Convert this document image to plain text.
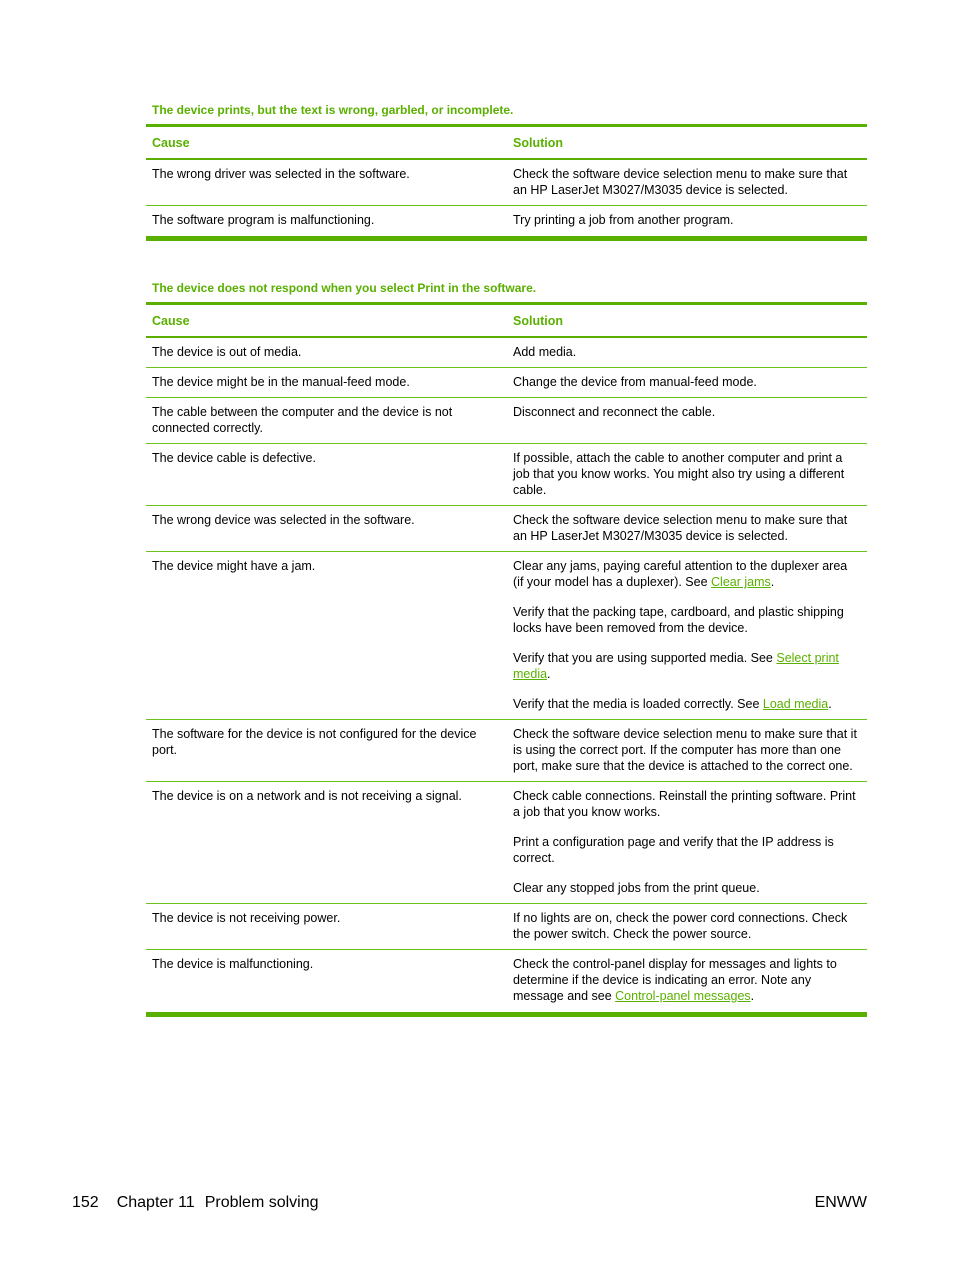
The device prints, but the text is wrong, garbled, or incomplete.
Cause	Solution
The wrong driver was selected in the software.	Check the software device selection menu to make sure that an HP LaserJet M3027/M3035 device is selected.
The software program is malfunctioning.	Try printing a job from another program.
The device does not respond when you select Print in the software.
Cause	Solution
The device is out of media.	Add media.
The device might be in the manual-feed mode.	Change the device from manual-feed mode.
The cable between the computer and the device is not connected correctly.	Disconnect and reconnect the cable.
The device cable is defective.	If possible, attach the cable to another computer and print a job that you know works. You might also try using a different cable.
The wrong device was selected in the software.	Check the software device selection menu to make sure that an HP LaserJet M3027/M3035 device is selected.
The device might have a jam.	Clear any jams, paying careful attention to the duplexer area (if your model has a duplexer). See Clear jams.

Verify that the packing tape, cardboard, and plastic shipping locks have been removed from the device.

Verify that you are using supported media. See Select print media.

Verify that the media is loaded correctly. See Load media.

The software for the device is not configured for the device port.	Check the software device selection menu to make sure that it is using the correct port. If the computer has more than one port, make sure that the device is attached to the correct one.
The device is on a network and is not receiving a signal.	Check cable connections. Reinstall the printing software. Print a job that you know works.

Print a configuration page and verify that the IP address is correct.

Clear any stopped jobs from the print queue.

The device is not receiving power.	If no lights are on, check the power cord connections. Check the power switch. Check the power source.
The device is malfunctioning.	Check the control-panel display for messages and lights to determine if the device is indicating an error. Note any message and see Control-panel messages.
152 Chapter 11 Problem solving	ENWW
